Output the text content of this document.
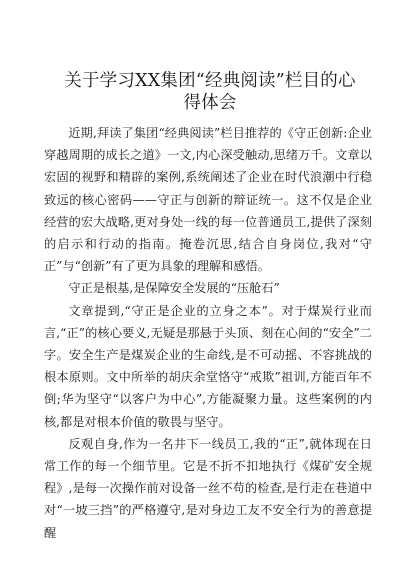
关于学习XX集团“经典阅读”栏目的心得体会

近期,拜读了集团“经典阅读”栏目推荐的《守正创新:企业穿越周期的成长之道》一文,内心深受触动,思绪万千。文章以宏固的视野和精辟的案例,系统阐述了企业在时代浪潮中行稳致远的核心密码——守正与创新的辩证统一。这不仅是企业经营的宏大战略,更对身处一线的每一位普通员工,提供了深刻的启示和行动的指南。掩卷沉思,结合自身岗位,我对“守正”与“创新”有了更为具象的理解和感悟。

守正是根基,是保障安全发展的“压舱石”

文章提到,“守正是企业的立身之本”。对于煤炭行业而言,“正”的核心要义,无疑是那悬于头顶、刻在心间的“安全”二字。安全生产是煤炭企业的生命线,是不可动摇、不容挑战的根本原则。文中所举的胡庆余堂恪守“戒欺”祖训,方能百年不倒;华为坚守“以客户为中心”,方能凝聚力量。这些案例的内核,都是对根本价值的敬畏与坚守。

反观自身,作为一名井下一线员工,我的“正”,就体现在日常工作的每一个细节里。它是不折不扣地执行《煤矿安全规程》,是每一次操作前对设备一丝不苟的检查,是行走在巷道中对“一坡三挡”的严格遵守,是对身边工友不安全行为的善意提醒
